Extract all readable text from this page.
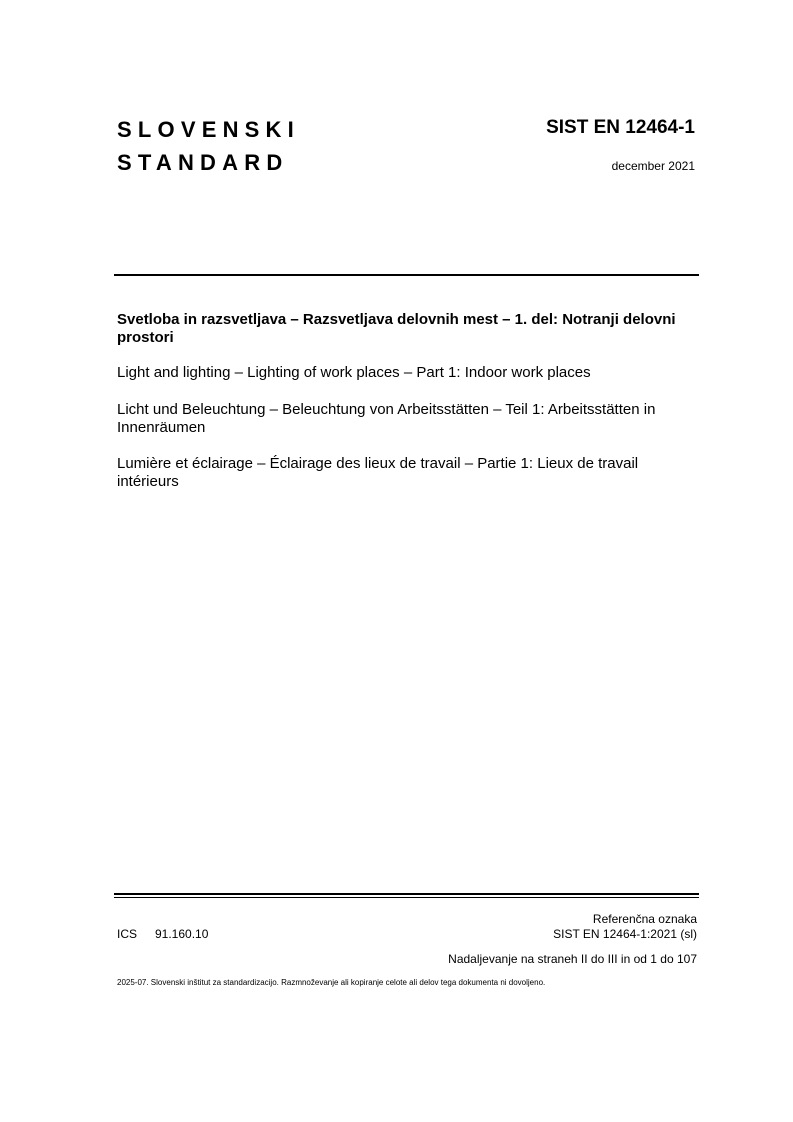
SLOVENSKI
STANDARD
SIST EN 12464-1
december 2021
Svetloba in razsvetljava – Razsvetljava delovnih mest – 1. del: Notranji delovni prostori
Light and lighting – Lighting of work places – Part 1: Indoor work places
Licht und Beleuchtung – Beleuchtung von Arbeitsstätten – Teil 1: Arbeitsstätten in Innenräumen
Lumière et éclairage – Éclairage des lieux de travail – Partie 1: Lieux de travail intérieurs
Referenčna oznaka
ICS 91.160.10	SIST EN 12464-1:2021 (sl)
Nadaljevanje na straneh II do III in od 1 do 107
2025-07. Slovenski inštitut za standardizacijo. Razmnoževanje ali kopiranje celote ali delov tega dokumenta ni dovoljeno.
